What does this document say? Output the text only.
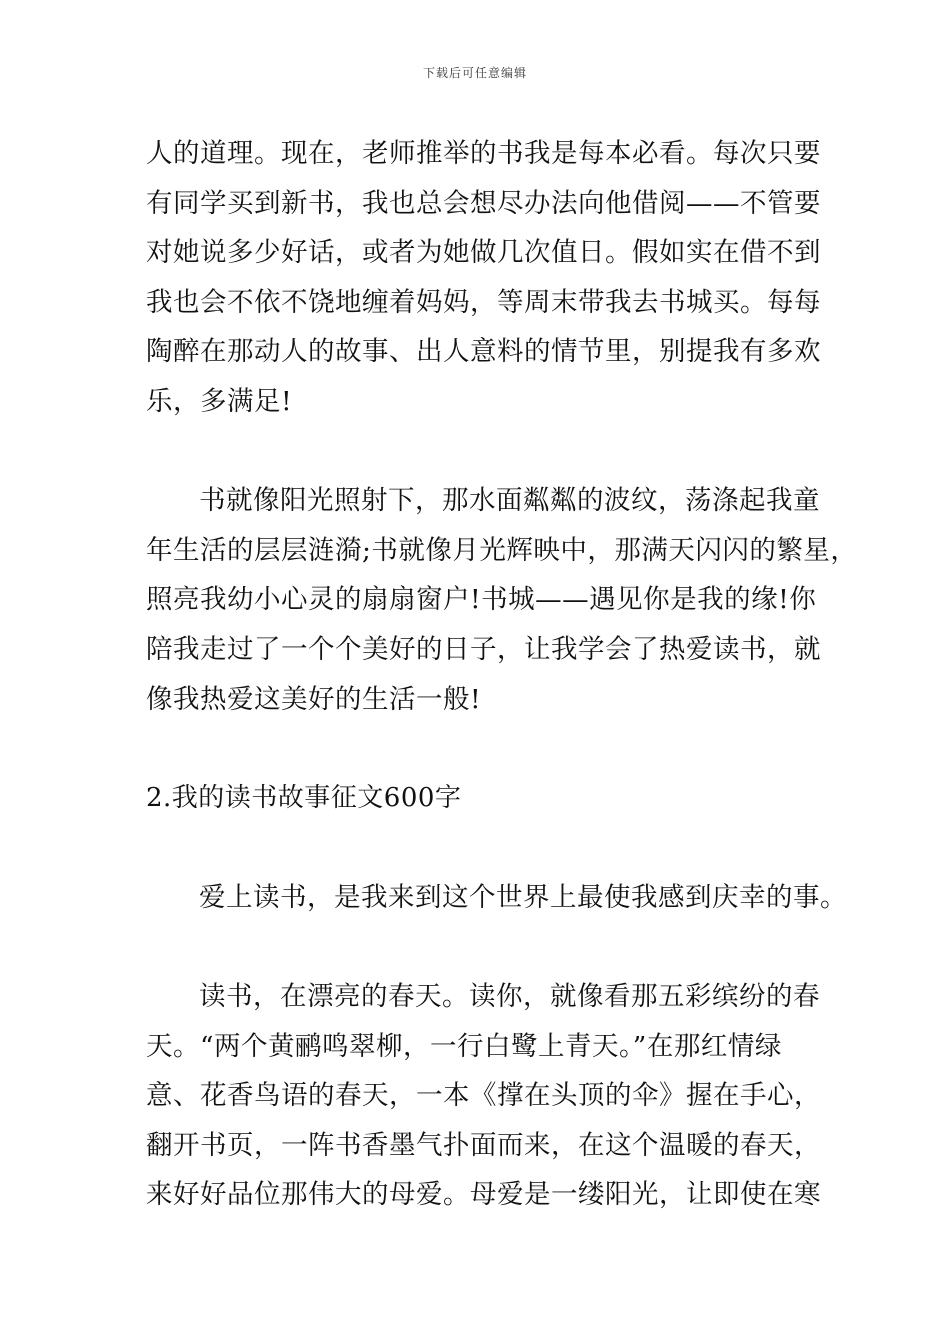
下载后可任意编辑

人的道理。现在，老师推举的书我是每本必看。每次只要
有同学买到新书，我也总会想尽办法向他借阅——不管要
对她说多少好话，或者为她做几次值日。假如实在借不到
我也会不依不饶地缠着妈妈，等周末带我去书城买。每每
陶醉在那动人的故事、出人意料的情节里，别提我有多欢
乐，多满足!

书就像阳光照射下，那水面粼粼的波纹，荡涤起我童
年生活的层层涟漪;书就像月光辉映中，那满天闪闪的繁星，
照亮我幼小心灵的扇扇窗户!书城——遇见你是我的缘!你
陪我走过了一个个美好的日子，让我学会了热爱读书，就
像我热爱这美好的生活一般!

2.我的读书故事征文600字

爱上读书，是我来到这个世界上最使我感到庆幸的事。

读书，在漂亮的春天。读你，就像看那五彩缤纷的春
天。“两个黄鹂鸣翠柳，一行白鹭上青天。”在那红情绿
意、花香鸟语的春天，一本《撑在头顶的伞》握在手心，
翻开书页，一阵书香墨气扑面而来，在这个温暖的春天，
来好好品位那伟大的母爱。母爱是一缕阳光，让即使在寒
